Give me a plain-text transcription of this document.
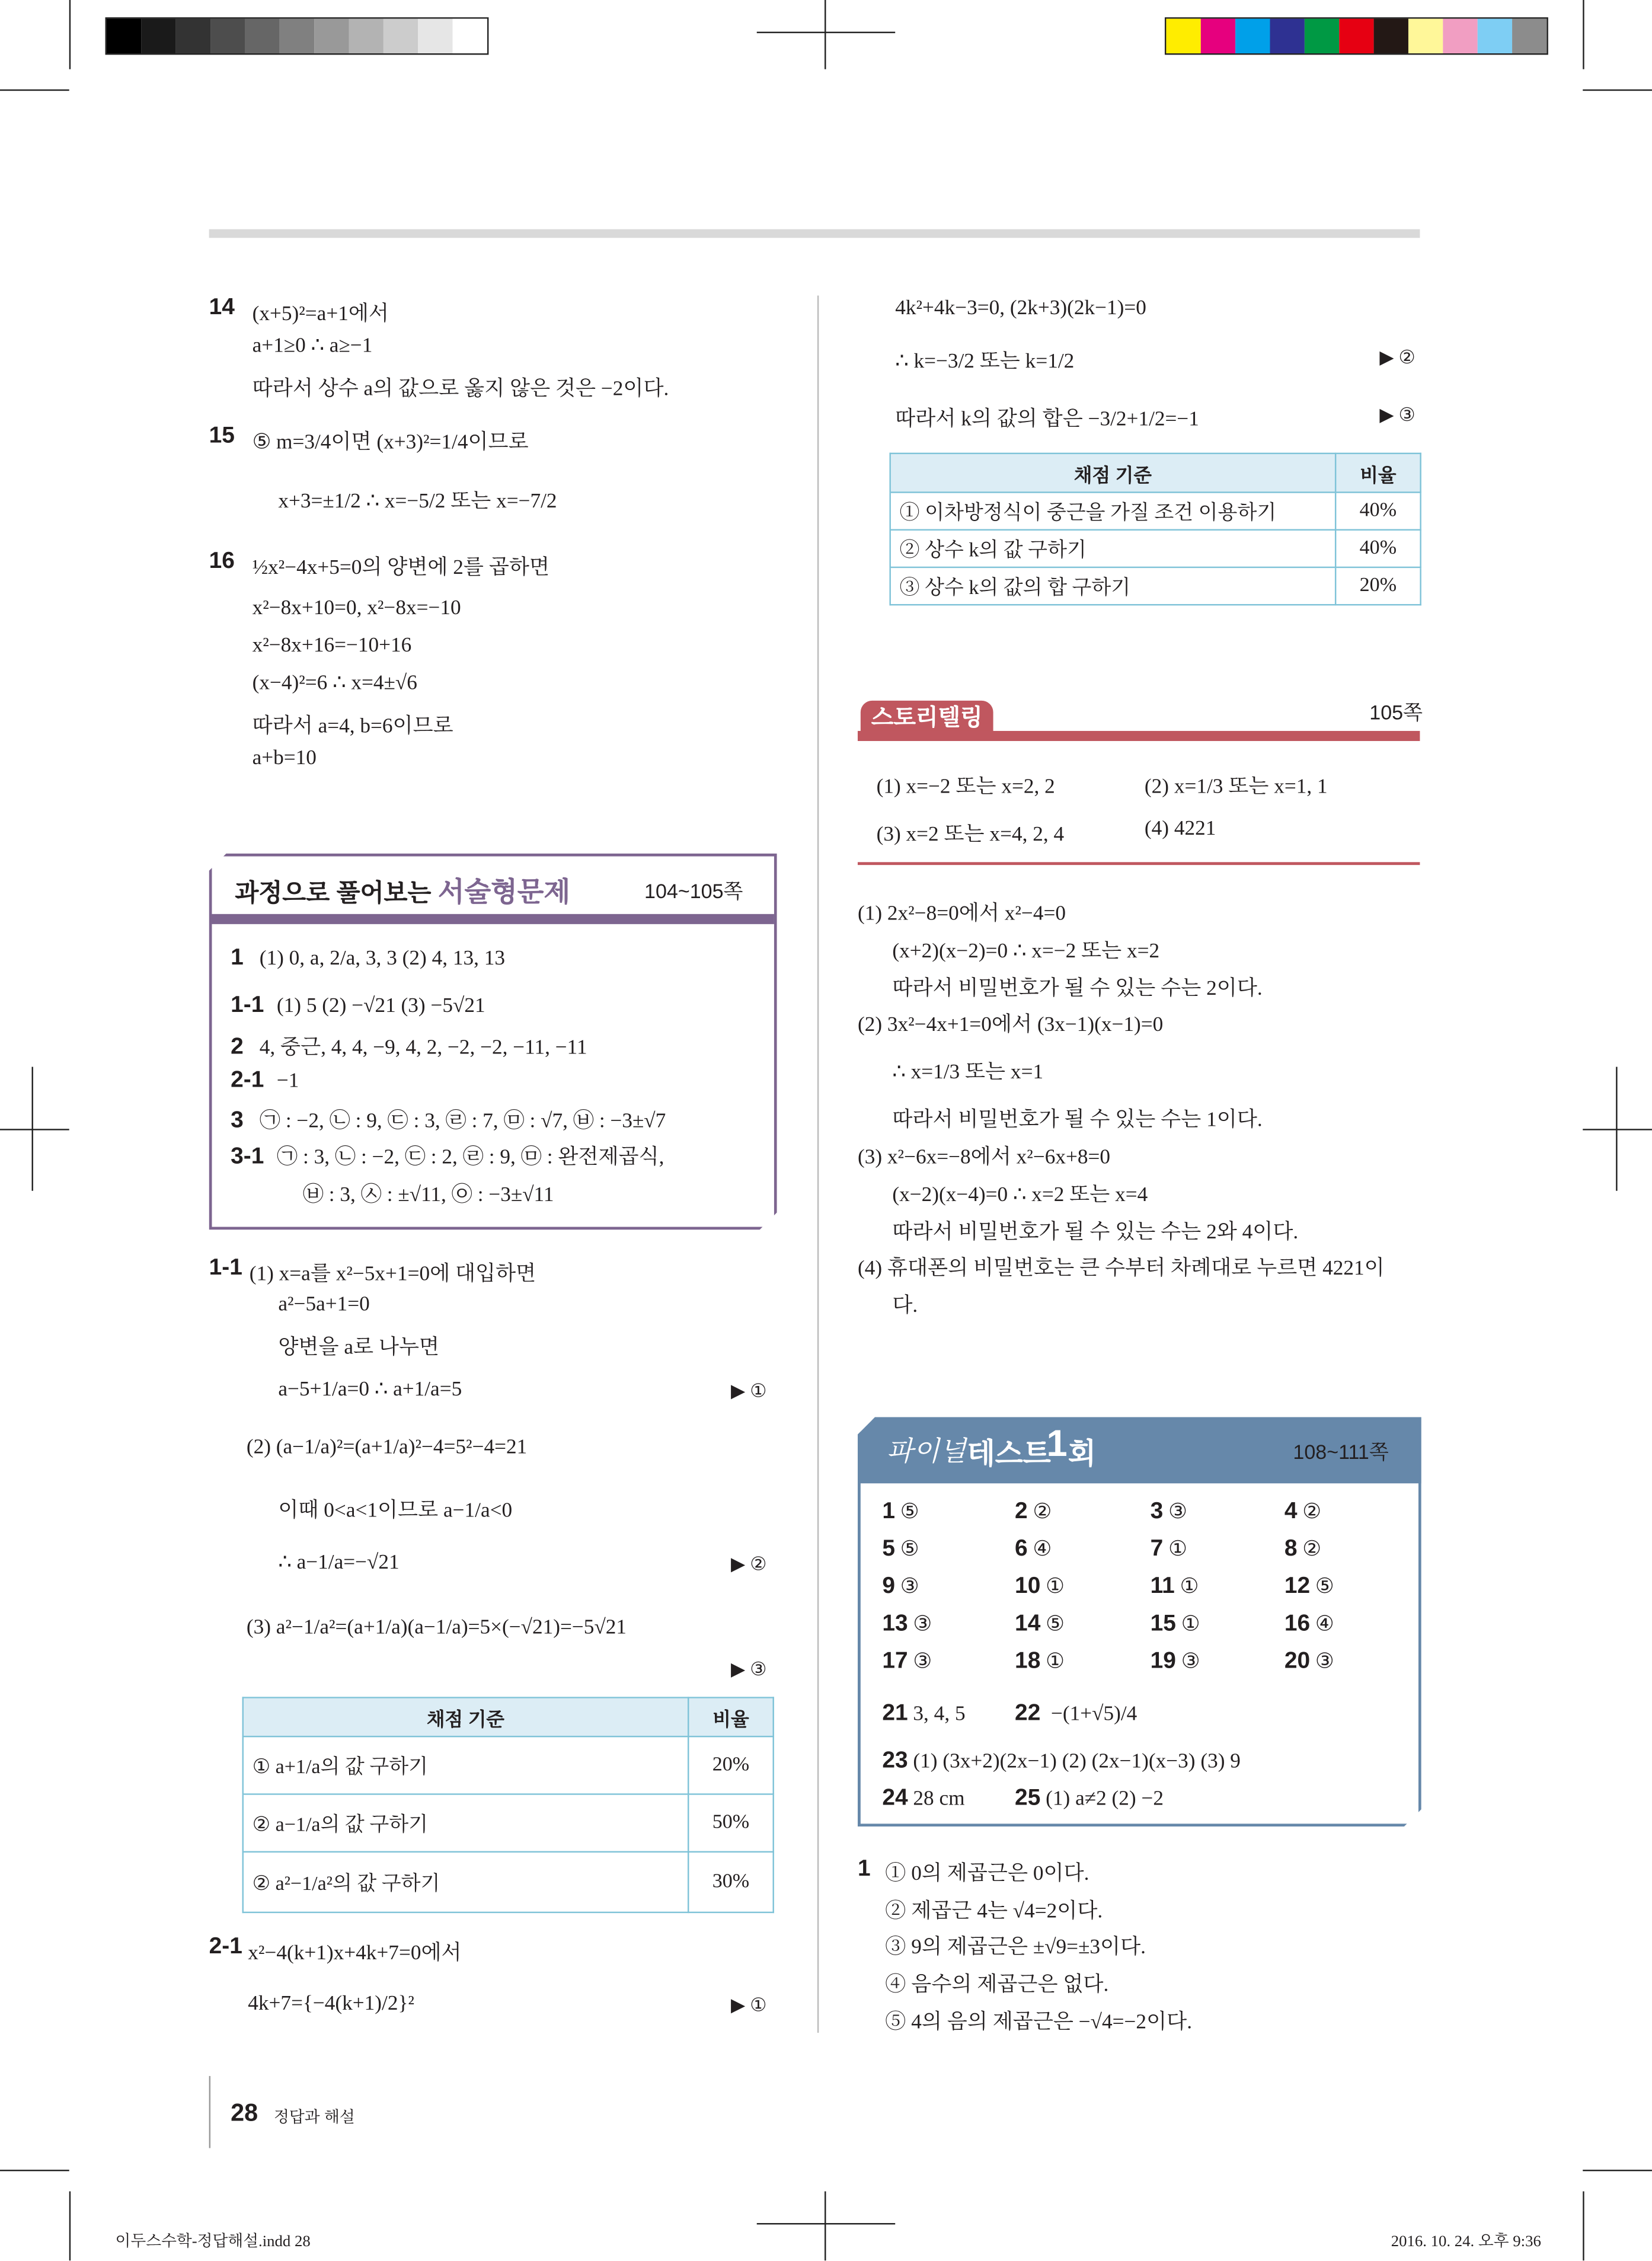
14 (x+5)²=a+1에서
a+1≥0 ∴ a≥−1
따라서 상수 a의 값으로 옳지 않은 것은 −2이다.
15 ⑤ m=3/4이면 (x+3)²=1/4이므로
x+3=±1/2 ∴ x=−5/2 또는 x=−7/2
16 ½x²−4x+5=0의 양변에 2를 곱하면
x²−8x+10=0, x²−8x=−10
x²−8x+16=−10+16
(x−4)²=6 ∴ x=4±√6
따라서 a=4, b=6이므로
a+b=10
과정으로 풀어보는 서술형문제	104~105쪽
1 (1) 0, a, 2/a, 3, 3 (2) 4, 13, 13
1-1 (1) 5 (2) −√21 (3) −5√21
2 4, 중근, 4, 4, −9, 4, 2, −2, −2, −11, −11
2-1 −1
3 ㉠ : −2, ㉡ : 9, ㉢ : 3, ㉣ : 7, ㉤ : √7, ㉥ : −3±√7
3-1 ㉠ : 3, ㉡ : −2, ㉢ : 2, ㉣ : 9, ㉤ : 완전제곱식,
㉥ : 3, ㉦ : ±√11, ㉧ : −3±√11
1-1 (1) x=a를 x²−5x+1=0에 대입하면
a²−5a+1=0
양변을 a로 나누면
a−5+1/a=0 ∴ a+1/a=5	▶ ①
(2) (a−1/a)²=(a+1/a)²−4=5²−4=21
이때 0<a<1이므로 a−1/a<0
∴ a−1/a=−√21	▶ ②
(3) a²−1/a²=(a+1/a)(a−1/a)=5×(−√21)=−5√21
▶ ③
채점 기준	비율
① a+1/a의 값 구하기	20%
② a−1/a의 값 구하기	50%
② a²−1/a²의 값 구하기	30%
2-1 x²−4(k+1)x+4k+7=0에서
4k+7={−4(k+1)/2}²	▶ ①
4k²+4k−3=0, (2k+3)(2k−1)=0
∴ k=−3/2 또는 k=1/2	▶ ②
따라서 k의 값의 합은 −3/2+1/2=−1	▶ ③
채점 기준	비율
① 이차방정식이 중근을 가질 조건 이용하기	40%
② 상수 k의 값 구하기	40%
③ 상수 k의 값의 합 구하기	20%
스토리텔링	105쪽
(1) x=−2 또는 x=2, 2	(2) x=1/3 또는 x=1, 1
(3) x=2 또는 x=4, 2, 4	(4) 4221
(1) 2x²−8=0에서 x²−4=0
(x+2)(x−2)=0 ∴ x=−2 또는 x=2
따라서 비밀번호가 될 수 있는 수는 2이다.
(2) 3x²−4x+1=0에서 (3x−1)(x−1)=0
∴ x=1/3 또는 x=1
따라서 비밀번호가 될 수 있는 수는 1이다.
(3) x²−6x=−8에서 x²−6x+8=0
(x−2)(x−4)=0 ∴ x=2 또는 x=4
따라서 비밀번호가 될 수 있는 수는 2와 4이다.
(4) 휴대폰의 비밀번호는 큰 수부터 차례대로 누르면 4221이
다.
파이널 테스트
1 회	108~111쪽
1 ⑤	2 ②	3 ③	4 ②
5 ⑤	6 ④	7 ①	8 ②
9 ③	10 ①	11 ①	12 ⑤
13 ③	14 ⑤	15 ①	16 ④
17 ③	18 ①	19 ③	20 ③
21 3, 4, 5	22 −(1+√5)/4
23 (1) (3x+2)(2x−1) (2) (2x−1)(x−3) (3) 9
24 28 cm	25 (1) a≠2 (2) −2
1 ① 0의 제곱근은 0이다.
② 제곱근 4는 √4=2이다.
③ 9의 제곱근은 ±√9=±3이다.
④ 음수의 제곱근은 없다.
⑤ 4의 음의 제곱근은 −√4=−2이다.
28 정답과 해설
이두스수학-정답해설.indd 28	2016. 10. 24. 오후 9:36
